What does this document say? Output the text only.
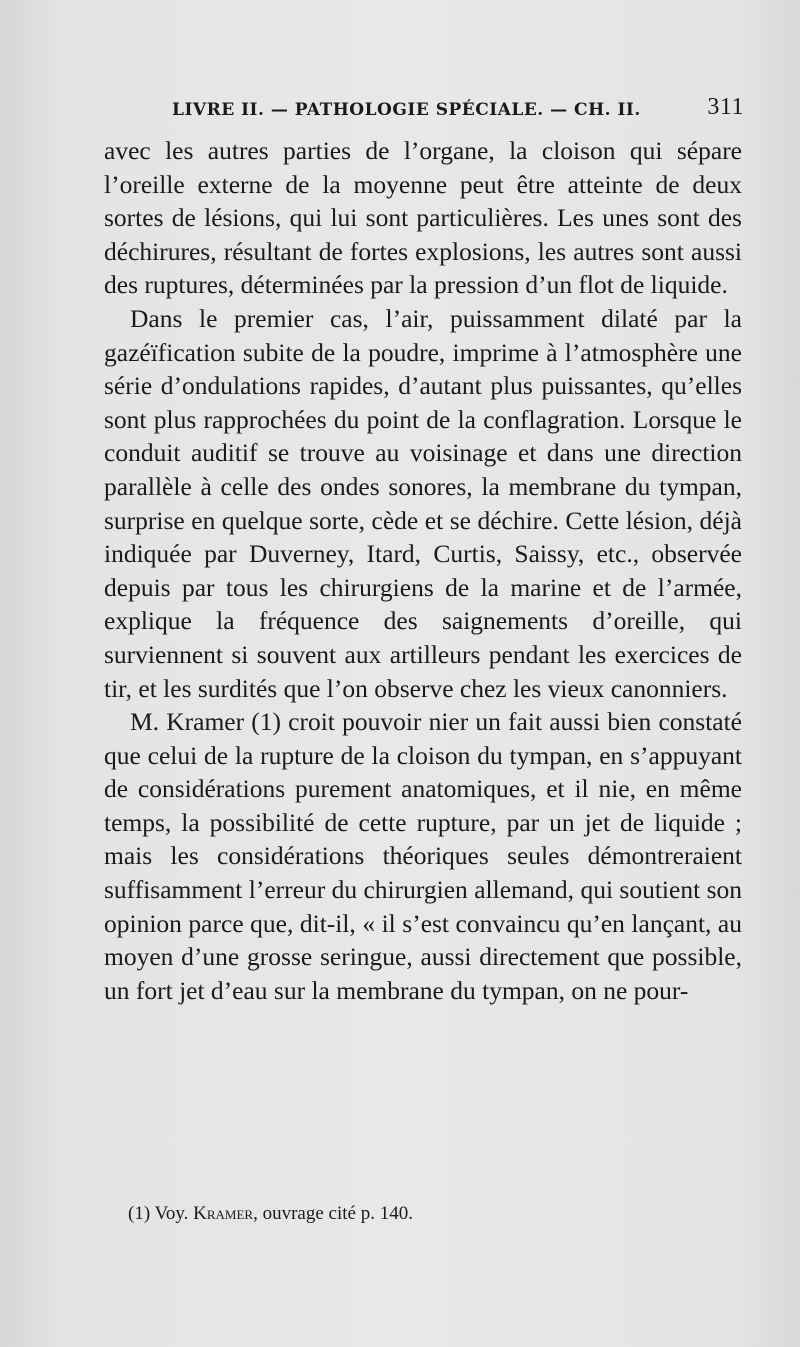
LIVRE II. — PATHOLOGIE SPÉCIALE. — CH. II.	311

avec les autres parties de l’organe, la cloison qui sépare l’oreille externe de la moyenne peut être atteinte de deux sortes de lésions, qui lui sont particulières. Les unes sont des déchirures, résultant de fortes explosions, les autres sont aussi des ruptures, déterminées par la pression d’un flot de liquide.

Dans le premier cas, l’air, puissamment dilaté par la gazéïfication subite de la poudre, imprime à l’atmosphère une série d’ondulations rapides, d’autant plus puissantes, qu’elles sont plus rapprochées du point de la conflagration. Lorsque le conduit auditif se trouve au voisinage et dans une direction parallèle à celle des ondes sonores, la membrane du tympan, surprise en quelque sorte, cède et se déchire. Cette lésion, déjà indiquée par Duverney, Itard, Curtis, Saissy, etc., observée depuis par tous les chirurgiens de la marine et de l’armée, explique la fréquence des saignements d’oreille, qui surviennent si souvent aux artilleurs pendant les exercices de tir, et les surdités que l’on observe chez les vieux canonniers.

M. Kramer (1) croit pouvoir nier un fait aussi bien constaté que celui de la rupture de la cloison du tympan, en s’appuyant de considérations purement anatomiques, et il nie, en même temps, la possibilité de cette rupture, par un jet de liquide ; mais les considérations théoriques seules démontreraient suffisamment l’erreur du chirurgien allemand, qui soutient son opinion parce que, dit-il, « il s’est convaincu qu’en lançant, au moyen d’une grosse seringue, aussi directement que possible, un fort jet d’eau sur la membrane du tympan, on ne pour-

(1) Voy. Kramer, ouvrage cité p. 140.
